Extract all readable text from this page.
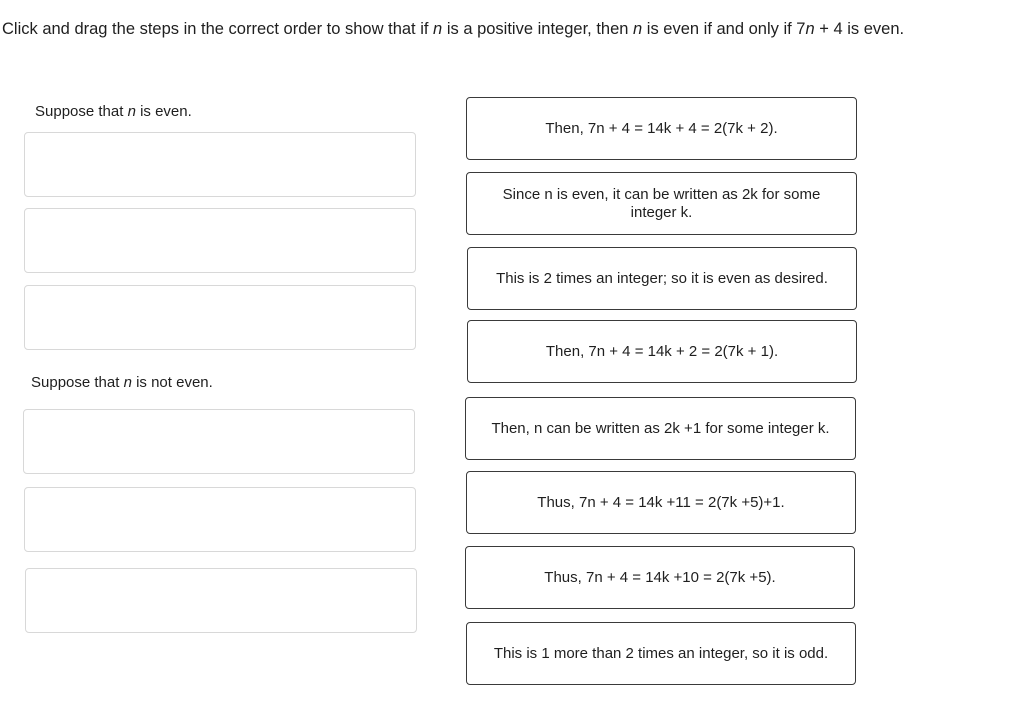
Click and drag the steps in the correct order to show that if n is a positive integer, then n is even if and only if 7n + 4 is even.
Suppose that n is even.
Suppose that n is not even.
Then, 7n + 4 = 14k + 4 = 2(7k + 2).
Since n is even, it can be written as 2k for some integer k.
This is 2 times an integer; so it is even as desired.
Then, 7n + 4 = 14k + 2 = 2(7k + 1).
Then, n can be written as 2k +1 for some integer k.
Thus, 7n + 4 = 14k +11 = 2(7k +5)+1.
Thus, 7n + 4 = 14k +10 = 2(7k +5).
This is 1 more than 2 times an integer, so it is odd.
